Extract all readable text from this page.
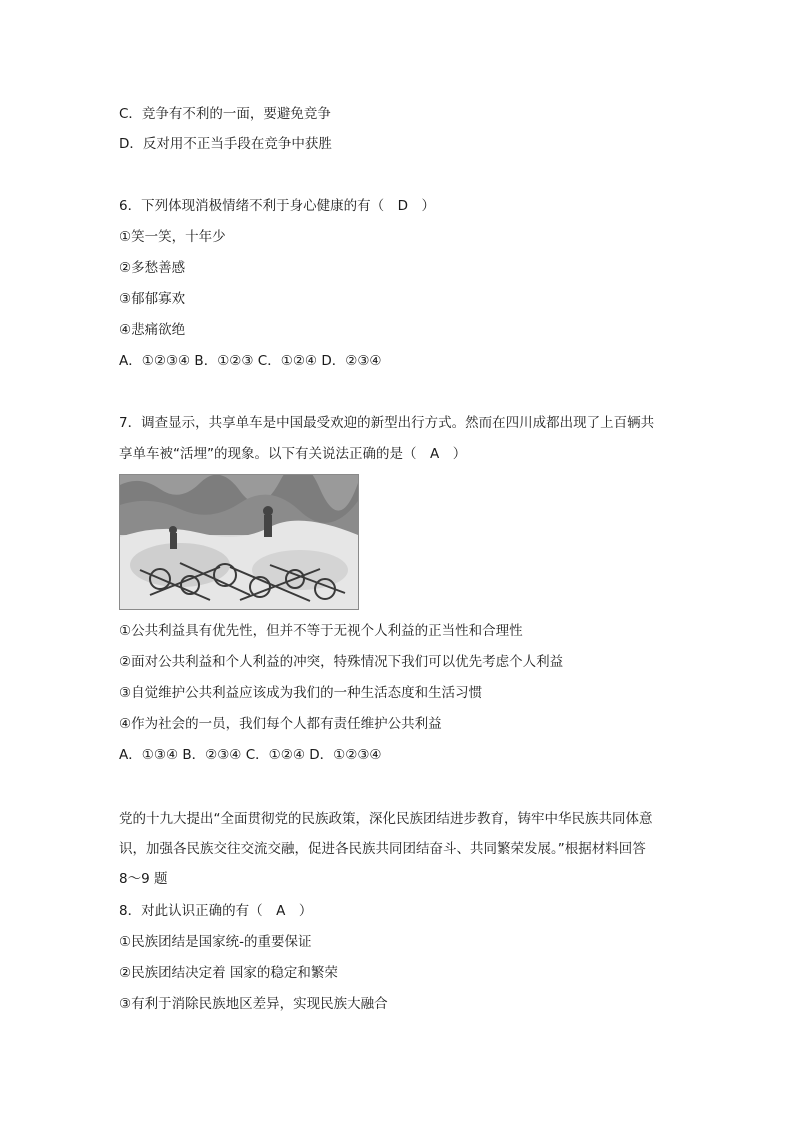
C．竞争有不利的一面，要避免竞争
D．反对用不正当手段在竞争中获胜
6．下列体现消极情绪不利于身心健康的有（　D　）
①笑一笑，十年少
②多愁善感
③郁郁寡欢
④悲痛欲绝
A．①②③④ B．①②③ C．①②④ D．②③④
7．调查显示，共享单车是中国最受欢迎的新型出行方式。然而在四川成都出现了上百辆共
享单车被“活埋”的现象。以下有关说法正确的是（　A　）
①公共利益具有优先性，但并不等于无视个人利益的正当性和合理性
②面对公共利益和个人利益的冲突，特殊情况下我们可以优先考虑个人利益
③自觉维护公共利益应该成为我们的一种生活态度和生活习惯
④作为社会的一员，我们每个人都有责任维护公共利益
A．①③④ B．②③④ C．①②④ D．①②③④
党的十九大提出“全面贯彻党的民族政策，深化民族团结进步教育，铸牢中华民族共同体意
识，加强各民族交往交流交融，促进各民族共同团结奋斗、共同繁荣发展。”根据材料回答
8～9 题
8．对此认识正确的有（　A　）
①民族团结是国家统-的重要保证
②民族团结决定着 国家的稳定和繁荣
③有利于消除民族地区差异，实现民族大融合
